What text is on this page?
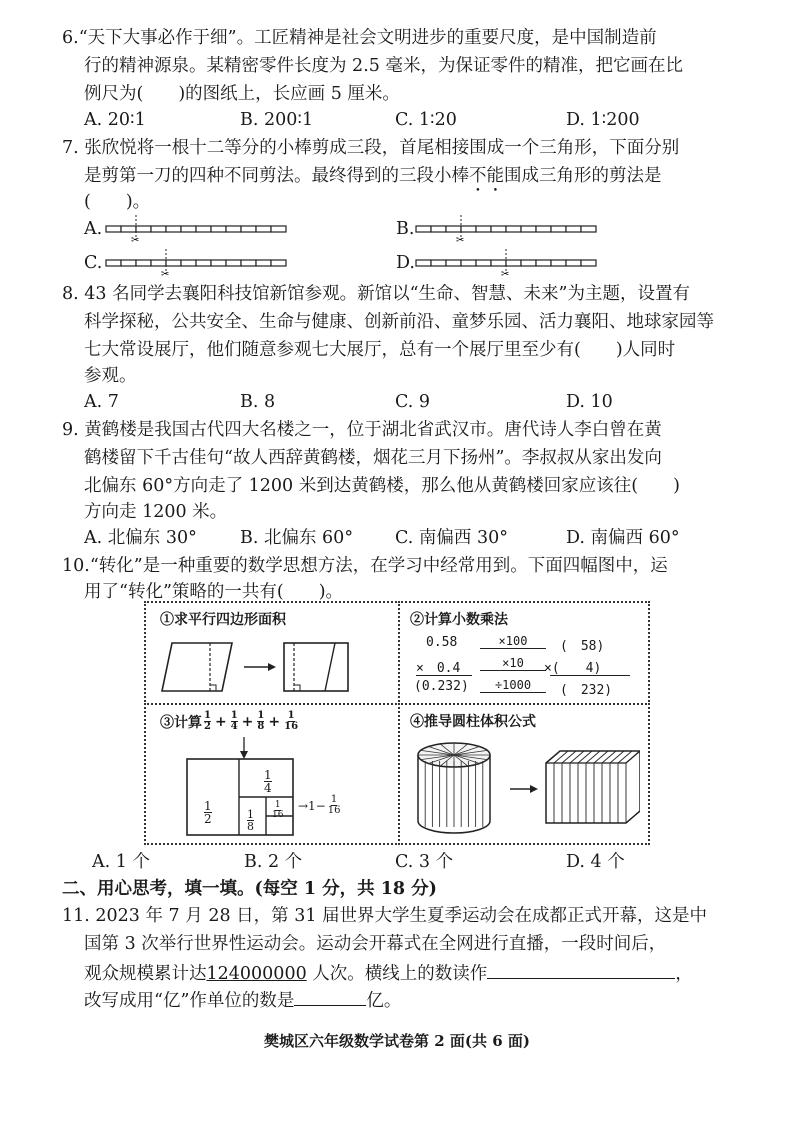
6.“天下大事必作于细”。工匠精神是社会文明进步的重要尺度，是中国制造前
行的精神源泉。某精密零件长度为 2.5 毫米，为保证零件的精准，把它画在比
例尺为(　　)的图纸上，长应画 5 厘米。
A. 20∶1	B. 200∶1	C. 1∶20	D. 1∶200
7. 张欣悦将一根十二等分的小棒剪成三段，首尾相接围成一个三角形，下面分别
是剪第一刀的四种不同剪法。最终得到的三段小棒不能围成三角形的剪法是
(　　)。
A.
✂
B.
✂
C.
✂
D.
✂
8. 43 名同学去襄阳科技馆新馆参观。新馆以“生命、智慧、未来”为主题，设置有
科学探秘，公共安全、生命与健康、创新前沿、童梦乐园、活力襄阳、地球家园等
七大常设展厅，他们随意参观七大展厅，总有一个展厅里至少有(　　)人同时
参观。
A. 7	B. 8	C. 9	D. 10
9. 黄鹤楼是我国古代四大名楼之一，位于湖北省武汉市。唐代诗人李白曾在黄
鹤楼留下千古佳句“故人西辞黄鹤楼，烟花三月下扬州”。李叔叔从家出发向
北偏东 60°方向走了 1200 米到达黄鹤楼，那么他从黄鹤楼回家应该往(　　)
方向走 1200 米。
A. 北偏东 30° B. 北偏东 60° C. 南偏西 30°	D. 南偏西 60°
10.“转化”是一种重要的数学思想方法，在学习中经常用到。下面四幅图中，运
用了“转化”策略的一共有(　　)。
①求平行四边形面积	②计算小数乘法
0.58	×100	(　58)
×　0.4	×10	×(　　4)
(0.232)	÷1000	(　232)
③计算 $\frac{1}{2} + \frac{1}{4} + \frac{1}{8} + \frac{1}{16}$
1
2
1
4
1
8
1
16
$\to 1- \frac{1}{16}$
④推导圆柱体积公式
A. 1 个	B. 2 个	C. 3 个	D. 4 个
二、用心思考，填一填。(每空 1 分，共 18 分)
11. 2023 年 7 月 28 日，第 31 届世界大学生夏季运动会在成都正式开幕，这是中
国第 3 次举行世界性运动会。运动会开幕式在全网进行直播，一段时间后，
观众规模累计达124000000 人次。横线上的数读作	，
改写成用“亿”作单位的数是	亿。
樊城区六年级数学试卷第 2 面(共 6 面)
